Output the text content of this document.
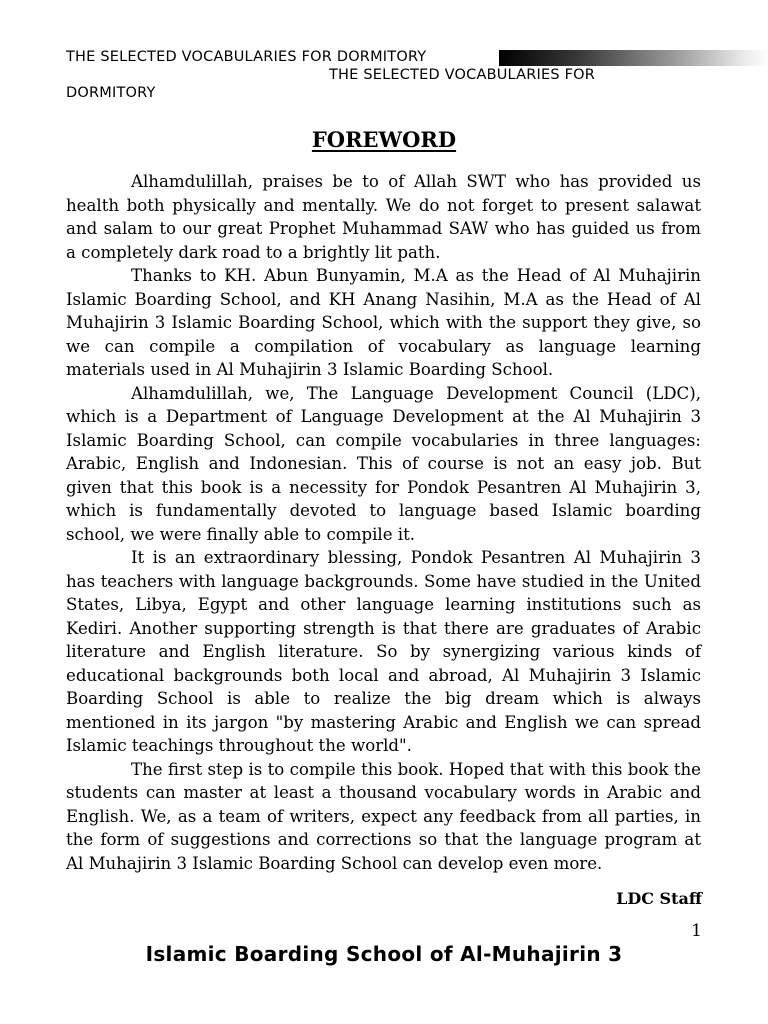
THE SELECTED VOCABULARIES FOR DORMITORY
THE SELECTED VOCABULARIES FOR
DORMITORY
FOREWORD

Alhamdulillah, praises be to of Allah SWT who has provided us health both physically and mentally. We do not forget to present salawat and salam to our great Prophet Muhammad SAW who has guided us from a completely dark road to a brightly lit path.

Thanks to KH. Abun Bunyamin, M.A as the Head of Al Muhajirin Islamic Boarding School, and KH Anang Nasihin, M.A as the Head of Al Muhajirin 3 Islamic Boarding School, which with the support they give, so we can compile a compilation of vocabulary as language learning materials used in Al Muhajirin 3 Islamic Boarding School.

Alhamdulillah, we, The Language Development Council (LDC), which is a Department of Language Development at the Al Muhajirin 3 Islamic Boarding School, can compile vocabularies in three languages: Arabic, English and Indonesian. This of course is not an easy job. But given that this book is a necessity for Pondok Pesantren Al Muhajirin 3, which is fundamentally devoted to language based Islamic boarding school, we were finally able to compile it.

It is an extraordinary blessing, Pondok Pesantren Al Muhajirin 3 has teachers with language backgrounds. Some have studied in the United States, Libya, Egypt and other language learning institutions such as Kediri. Another supporting strength is that there are graduates of Arabic literature and English literature. So by synergizing various kinds of educational backgrounds both local and abroad, Al Muhajirin 3 Islamic Boarding School is able to realize the big dream which is always mentioned in its jargon "by mastering Arabic and English we can spread Islamic teachings throughout the world".

The first step is to compile this book. Hoped that with this book the students can master at least a thousand vocabulary words in Arabic and English. We, as a team of writers, expect any feedback from all parties, in the form of suggestions and corrections so that the language program at Al Muhajirin 3 Islamic Boarding School can develop even more.

LDC Staff
1
Islamic Boarding School of Al-Muhajirin 3
